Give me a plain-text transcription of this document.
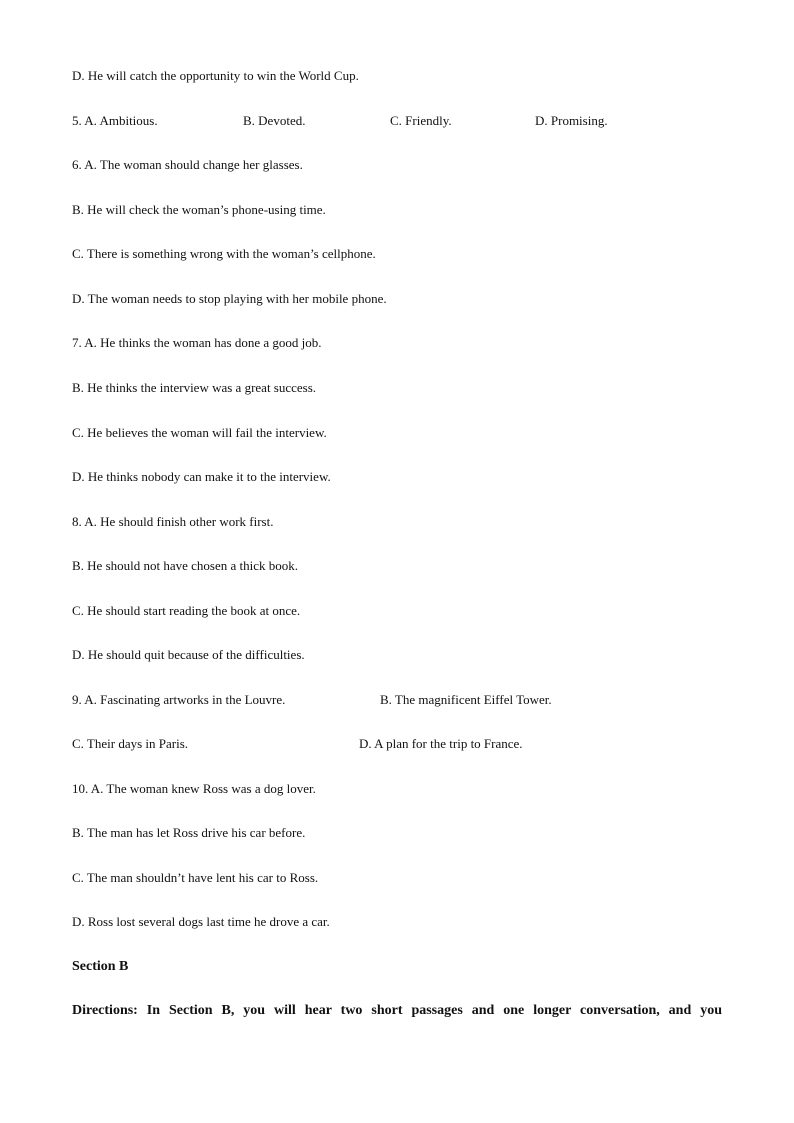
D. He will catch the opportunity to win the World Cup.
5. A. Ambitious.	B. Devoted.	C. Friendly.	D. Promising.
6. A. The woman should change her glasses.
B. He will check the woman’s phone-using time.
C. There is something wrong with the woman’s cellphone.
D. The woman needs to stop playing with her mobile phone.
7. A. He thinks the woman has done a good job.
B. He thinks the interview was a great success.
C. He believes the woman will fail the interview.
D. He thinks nobody can make it to the interview.
8. A. He should finish other work first.
B. He should not have chosen a thick book.
C. He should start reading the book at once.
D. He should quit because of the difficulties.
9. A. Fascinating artworks in the Louvre.	B. The magnificent Eiffel Tower.
C. Their days in Paris.	D. A plan for the trip to France.
10. A. The woman knew Ross was a dog lover.
B. The man has let Ross drive his car before.
C. The man shouldn’t have lent his car to Ross.
D. Ross lost several dogs last time he drove a car.
Section B
Directions: In Section B, you will hear two short passages and one longer conversation, and you
